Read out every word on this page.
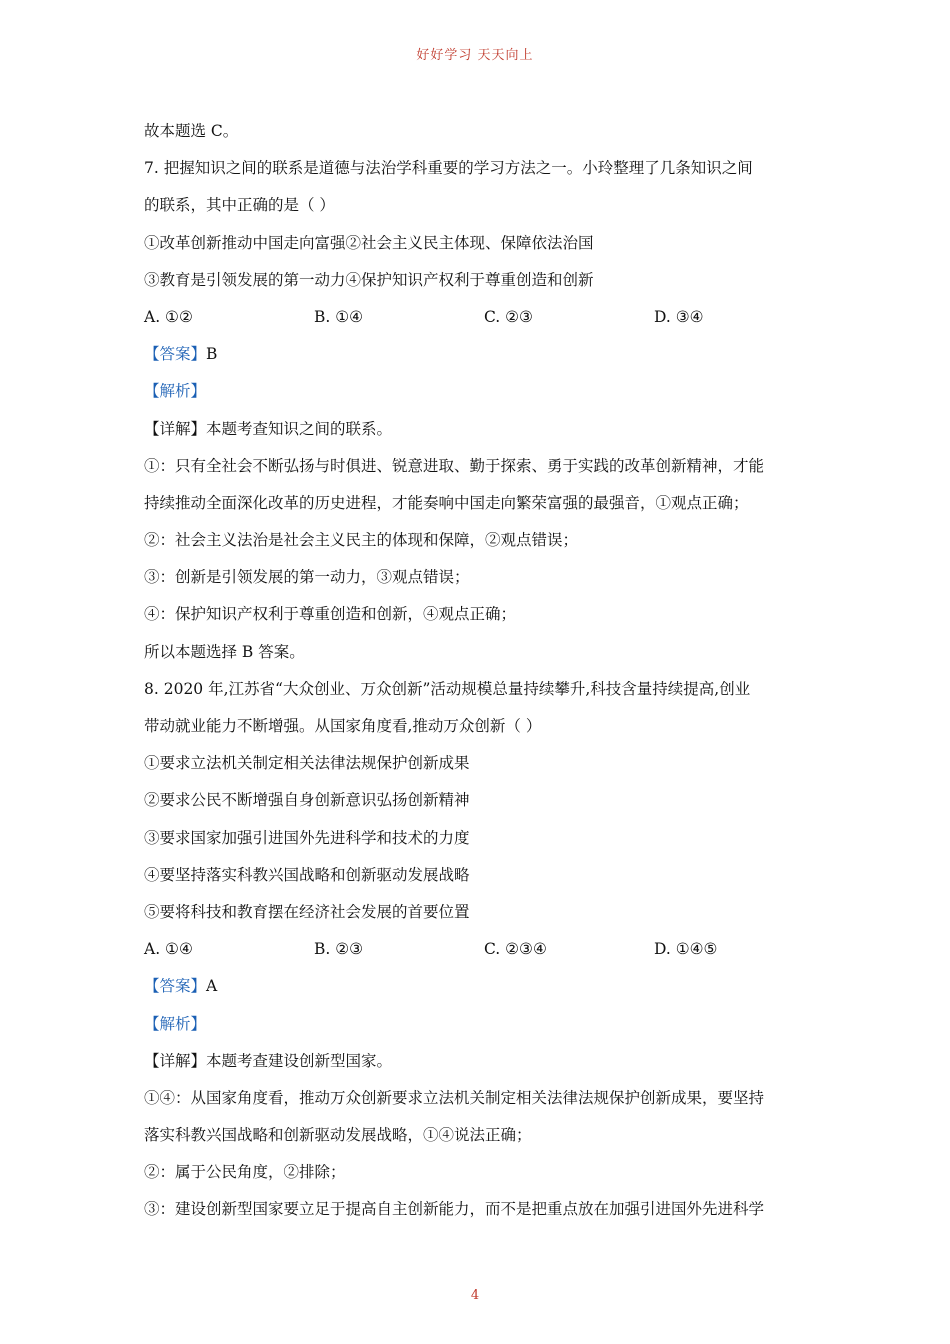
好好学习 天天向上
故本题选 C。
7. 把握知识之间的联系是道德与法治学科重要的学习方法之一。小玲整理了几条知识之间
的联系，其中正确的是（ ）
①改革创新推动中国走向富强②社会主义民主体现、保障依法治国
③教育是引领发展的第一动力④保护知识产权利于尊重创造和创新
A. ①②	B. ①④	C. ②③	D. ③④
【答案】B
【解析】
【详解】本题考查知识之间的联系。
①：只有全社会不断弘扬与时俱进、锐意进取、勤于探索、勇于实践的改革创新精神，才能
持续推动全面深化改革的历史进程，才能奏响中国走向繁荣富强的最强音，①观点正确；
②：社会主义法治是社会主义民主的体现和保障，②观点错误；
③：创新是引领发展的第一动力，③观点错误；
④：保护知识产权利于尊重创造和创新，④观点正确；
所以本题选择 B 答案。
8. 2020 年,江苏省“大众创业、万众创新”活动规模总量持续攀升,科技含量持续提高,创业
带动就业能力不断增强。从国家角度看,推动万众创新（ ）
①要求立法机关制定相关法律法规保护创新成果
②要求公民不断增强自身创新意识弘扬创新精神
③要求国家加强引进国外先进科学和技术的力度
④要坚持落实科教兴国战略和创新驱动发展战略
⑤要将科技和教育摆在经济社会发展的首要位置
A. ①④	B. ②③	C. ②③④	D. ①④⑤
【答案】A
【解析】
【详解】本题考查建设创新型国家。
①④：从国家角度看，推动万众创新要求立法机关制定相关法律法规保护创新成果，要坚持
落实科教兴国战略和创新驱动发展战略，①④说法正确；
②：属于公民角度，②排除；
③：建设创新型国家要立足于提高自主创新能力，而不是把重点放在加强引进国外先进科学
4
